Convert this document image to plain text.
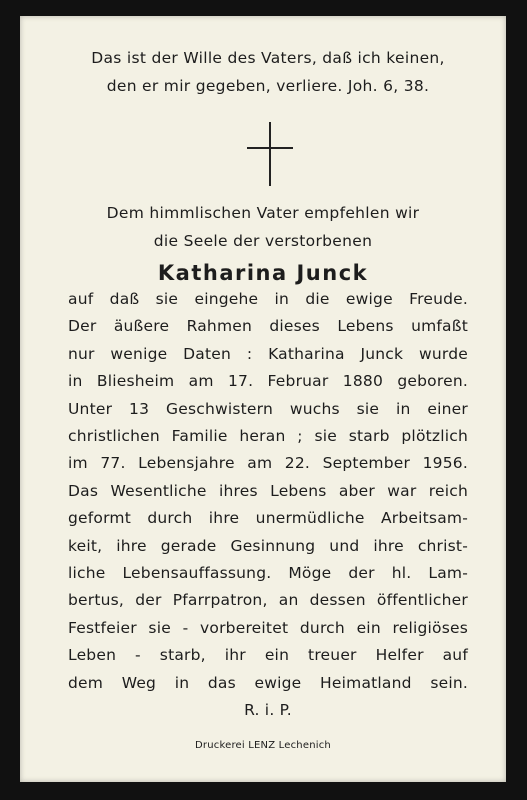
Das ist der Wille des Vaters, daß ich keinen,
den er mir gegeben, verliere. Joh. 6, 38.
Dem himmlischen Vater empfehlen wir
die Seele der verstorbenen
Katharina Junck
auf daß sie eingehe in die ewige Freude.
Der äußere Rahmen dieses Lebens umfaßt
nur wenige Daten : Katharina Junck wurde
in Bliesheim am 17. Februar 1880 geboren.
Unter 13 Geschwistern wuchs sie in einer
christlichen Familie heran ; sie starb plötzlich
im 77. Lebensjahre am 22. September 1956.
Das Wesentliche ihres Lebens aber war reich
geformt durch ihre unermüdliche Arbeitsam-
keit, ihre gerade Gesinnung und ihre christ-
liche Lebensauffassung. Möge der hl. Lam-
bertus, der Pfarrpatron, an dessen öffentlicher
Festfeier sie - vorbereitet durch ein religiöses
Leben - starb, ihr ein treuer Helfer auf
dem Weg in das ewige Heimatland sein.
R. i. P.
Druckerei LENZ Lechenich
